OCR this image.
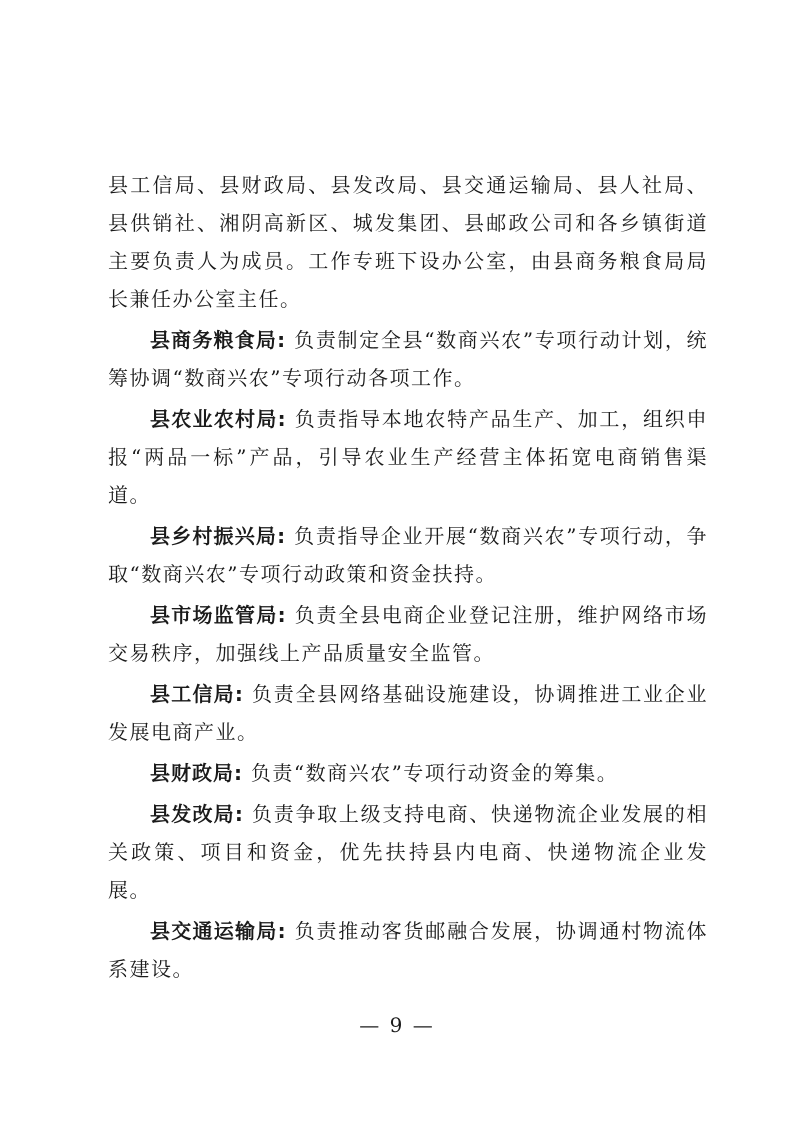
县工信局、县财政局、县发改局、县交通运输局、县人社局、县供销社、湘阴高新区、城发集团、县邮政公司和各乡镇街道主要负责人为成员。工作专班下设办公室，由县商务粮食局局长兼任办公室主任。

县商务粮食局: 负责制定全县“数商兴农”专项行动计划，统筹协调“数商兴农”专项行动各项工作。

县农业农村局: 负责指导本地农特产品生产、加工，组织申报“两品一标”产品，引导农业生产经营主体拓宽电商销售渠道。

县乡村振兴局: 负责指导企业开展“数商兴农”专项行动，争取“数商兴农”专项行动政策和资金扶持。

县市场监管局: 负责全县电商企业登记注册，维护网络市场交易秩序，加强线上产品质量安全监管。

县工信局: 负责全县网络基础设施建设，协调推进工业企业发展电商产业。

县财政局: 负责“数商兴农”专项行动资金的筹集。

县发改局: 负责争取上级支持电商、快递物流企业发展的相关政策、项目和资金，优先扶持县内电商、快递物流企业发展。

县交通运输局: 负责推动客货邮融合发展，协调通村物流体系建设。

— 9 —
